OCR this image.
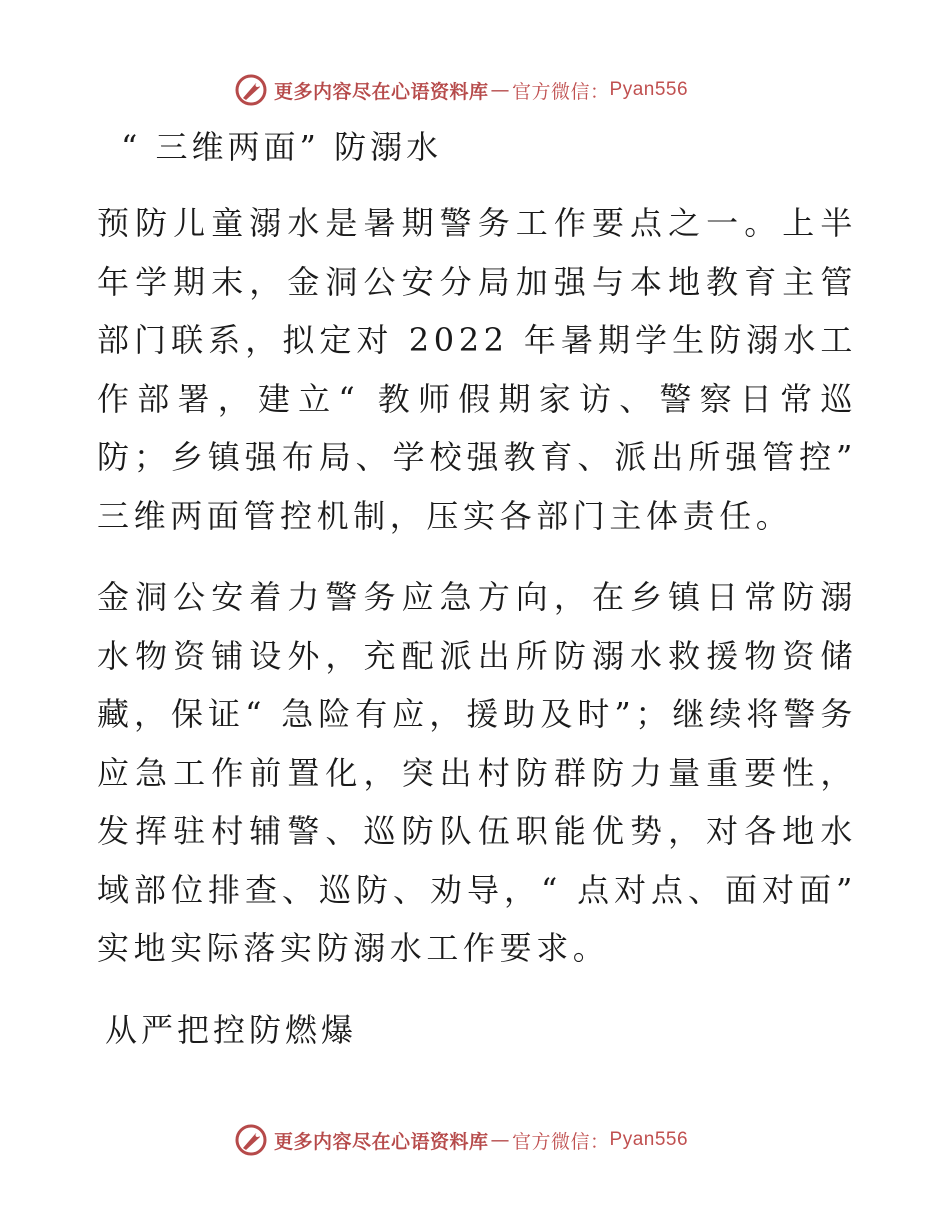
更多内容尽在心语资料库 — 官方微信： Pyan556
“ 三维两面” 防溺水

预防儿童溺水是暑期警务工作要点之一。上半年学期末，金洞公安分局加强与本地教育主管部门联系，拟定对 2022 年暑期学生防溺水工作部署，建立“ 教师假期家访、警察日常巡防；乡镇强布局、学校强教育、派出所强管控” 三维两面管控机制，压实各部门主体责任。

金洞公安着力警务应急方向，在乡镇日常防溺水物资铺设外，充配派出所防溺水救援物资储藏，保证“ 急险有应，援助及时”；继续将警务应急工作前置化，突出村防群防力量重要性，发挥驻村辅警、巡防队伍职能优势，对各地水域部位排查、巡防、劝导，“ 点对点、面对面” 实地实际落实防溺水工作要求。

从严把控防燃爆
更多内容尽在心语资料库 — 官方微信： Pyan556
